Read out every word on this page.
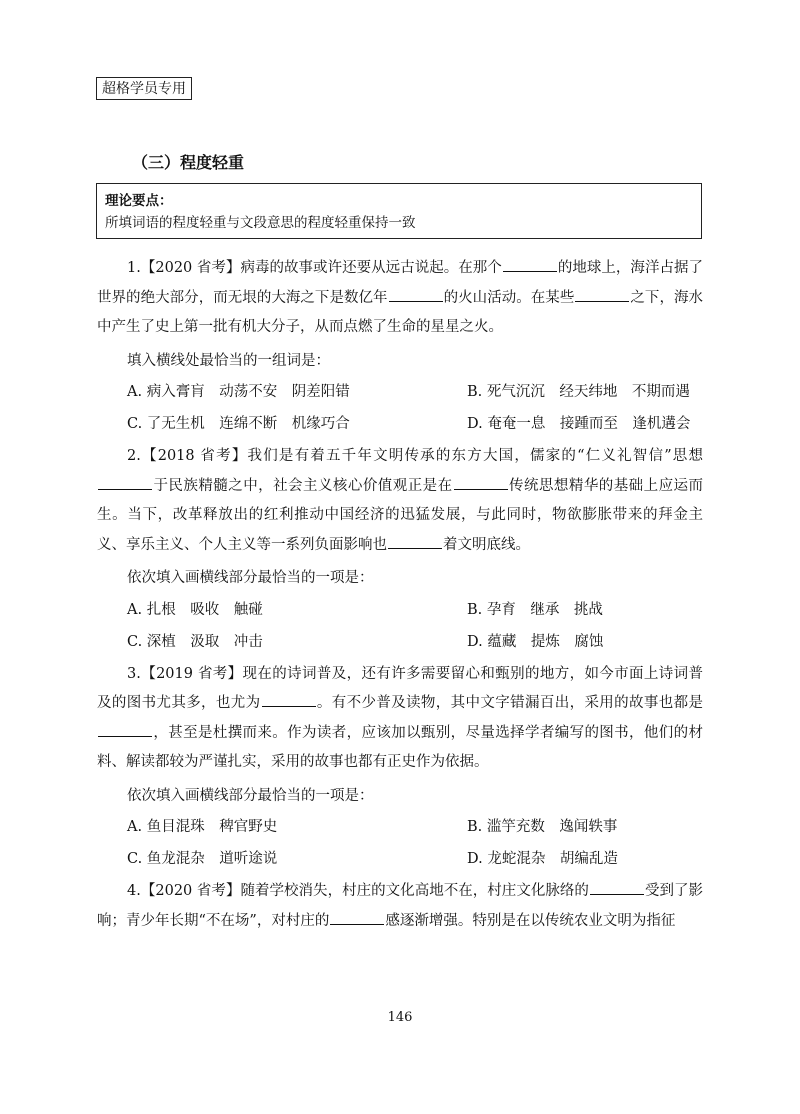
超格学员专用
（三）程度轻重
理论要点：
所填词语的程度轻重与文段意思的程度轻重保持一致

1.【2020 省考】病毒的故事或许还要从远古说起。在那个	的地球上，海洋占据了世界的绝大部分，而无垠的大海之下是数亿年	的火山活动。在某些	之下，海水中产生了史上第一批有机大分子，从而点燃了生命的星星之火。

填入横线处最恰当的一组词是：

A. 病入膏肓　动荡不安　阴差阳错	B. 死气沉沉　经天纬地　不期而遇
C. 了无生机　连绵不断　机缘巧合	D. 奄奄一息　接踵而至　逢机遘会

2.【2018 省考】我们是有着五千年文明传承的东方大国，儒家的“仁义礼智信”思想于民族精髓之中，社会主义核心价值观正是在	传统思想精华的基础上应运而生。当下，改革释放出的红利推动中国经济的迅猛发展，与此同时，物欲膨胀带来的拜金主义、享乐主义、个人主义等一系列负面影响也	着文明底线。

依次填入画横线部分最恰当的一项是：

A. 扎根　吸收　触碰	B. 孕育　继承　挑战
C. 深植　汲取　冲击	D. 蕴藏　提炼　腐蚀

3.【2019 省考】现在的诗词普及，还有许多需要留心和甄别的地方，如今市面上诗词普及的图书尤其多，也尤为	。有不少普及读物，其中文字错漏百出，采用的故事也都是，甚至是杜撰而来。作为读者，应该加以甄别，尽量选择学者编写的图书，他们的材料、解读都较为严谨扎实，采用的故事也都有正史作为依据。

依次填入画横线部分最恰当的一项是：

A. 鱼目混珠　稗官野史	B. 滥竽充数　逸闻轶事
C. 鱼龙混杂　道听途说	D. 龙蛇混杂　胡编乱造

4.【2020 省考】随着学校消失，村庄的文化高地不在，村庄文化脉络的	受到了影响；青少年长期“不在场”，对村庄的	感逐渐增强。特别是在以传统农业文明为指征

146
